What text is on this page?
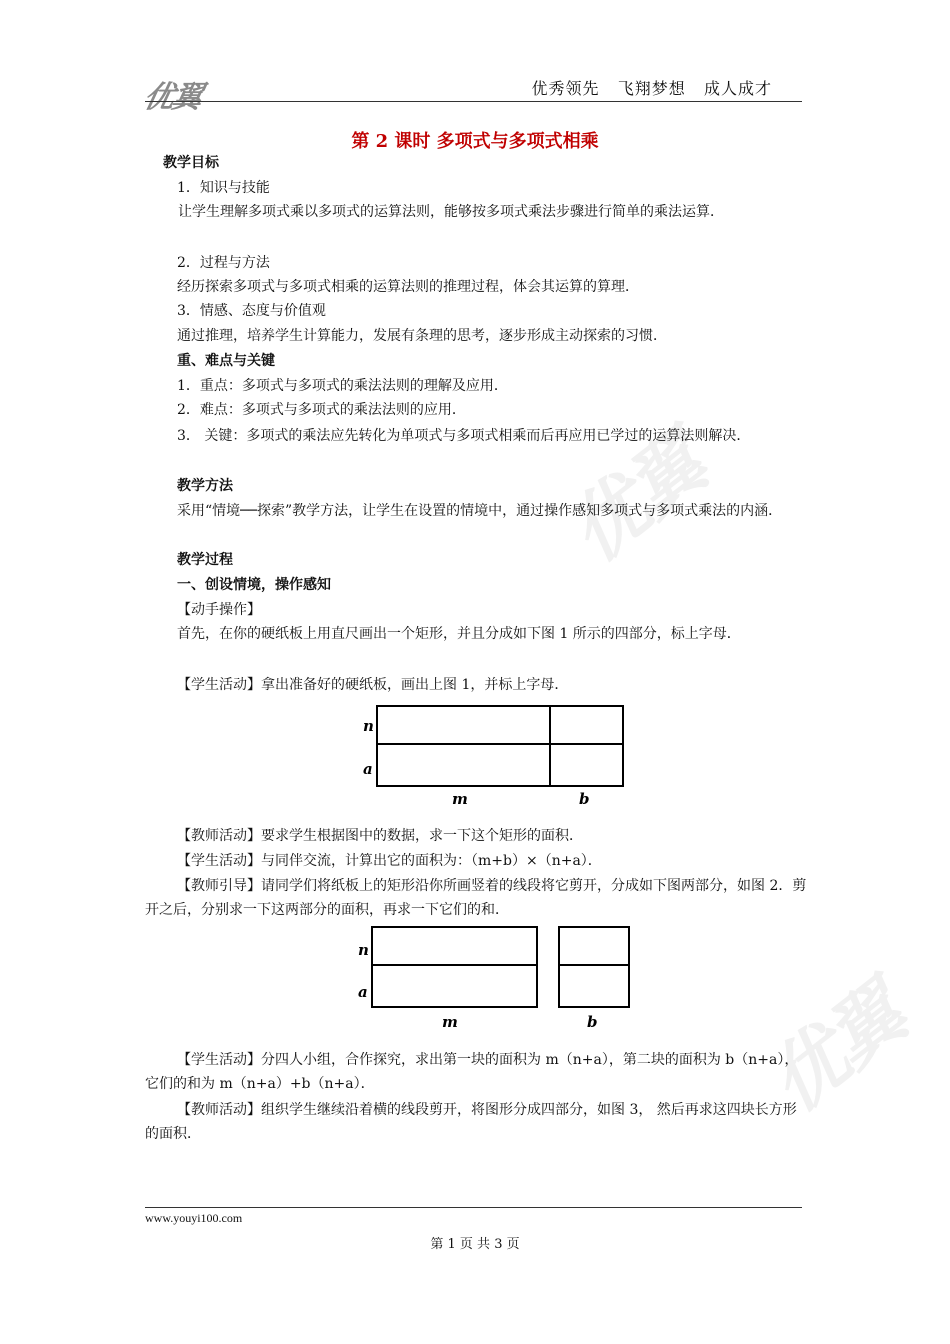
优翼	优秀领先   飞翔梦想   成人成才
优翼
优翼
第 2 课时 多项式与多项式相乘
教学目标
1．知识与技能
让学生理解多项式乘以多项式的运算法则，能够按多项式乘法步骤进行简单的乘法运算．
2．过程与方法
经历探索多项式与多项式相乘的运算法则的推理过程，体会其运算的算理．
3．情感、态度与价值观
通过推理，培养学生计算能力，发展有条理的思考，逐步形成主动探索的习惯．
重、难点与关键
1．重点：多项式与多项式的乘法法则的理解及应用．
2．难点：多项式与多项式的乘法法则的应用．
3． 关键：多项式的乘法应先转化为单项式与多项式相乘而后再应用已学过的运算法则解决．
教学方法
采用“情境──探索”教学方法，让学生在设置的情境中，通过操作感知多项式与多项式乘法的内涵．
教学过程
一、创设情境，操作感知
【动手操作】
首先，在你的硬纸板上用直尺画出一个矩形，并且分成如下图 1 所示的四部分，标上字母．
【学生活动】拿出准备好的硬纸板，画出上图 1，并标上字母．
n
a
m	b
【教师活动】要求学生根据图中的数据，求一下这个矩形的面积．
【学生活动】与同伴交流，计算出它的面积为：（m+b）×（n+a）．
【教师引导】请同学们将纸板上的矩形沿你所画竖着的线段将它剪开，分成如下图两部分，如图 2．剪开之后，分别求一下这两部分的面积，再求一下它们的和．
n
a
m	b
【学生活动】分四人小组，合作探究，求出第一块的面积为 m（n+a），第二块的面积为 b（n+a），它们的和为 m（n+a）+b（n+a）．
【教师活动】组织学生继续沿着横的线段剪开，将图形分成四部分，如图 3， 然后再求这四块长方形的面积．
www.youyi100.com
第 1 页 共 3 页
